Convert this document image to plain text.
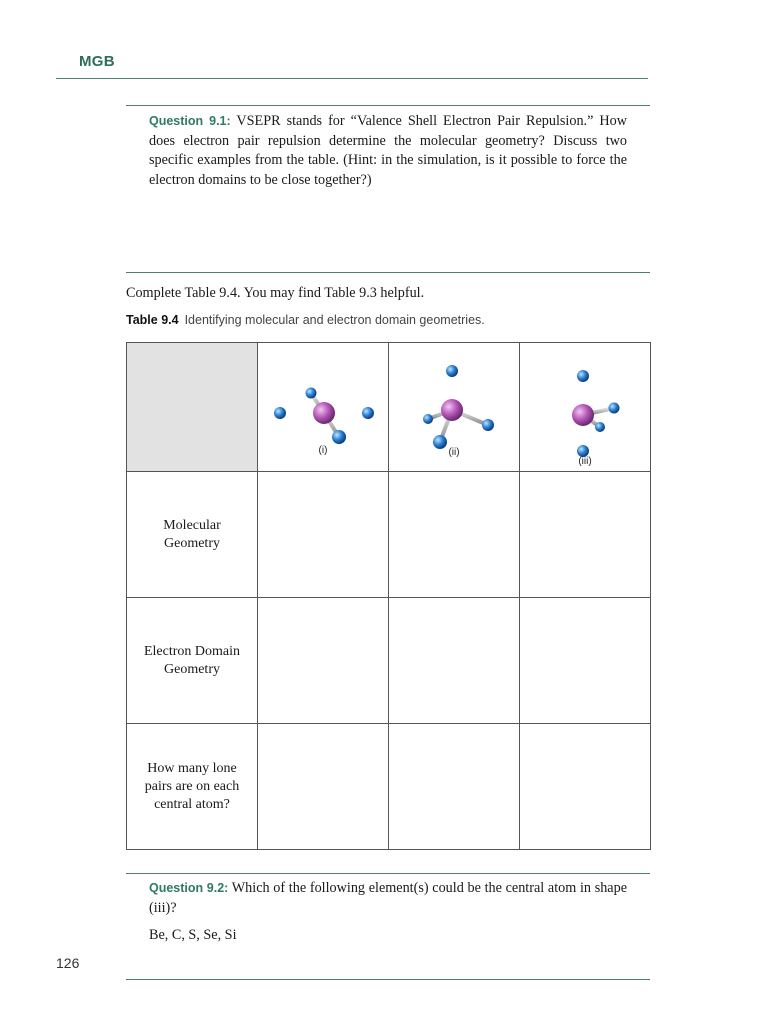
MGB
Question 9.1: VSEPR stands for “Valence Shell Electron Pair Repulsion.” How does electron pair repulsion determine the molecular geometry? Discuss two specific examples from the table. (Hint: in the simulation, is it possible to force the electron domains to be close together?)
Complete Table 9.4. You may find Table 9.3 helpful.
Table 9.4 Identifying molecular and electron domain geometries.

	(i)	(ii)	(iii)

Molecular Geometry			
Electron Domain Geometry			
How many lone pairs are on each central atom?			
Question 9.2: Which of the following element(s) could be the central atom in shape (iii)?
Be, C, S, Se, Si
126
